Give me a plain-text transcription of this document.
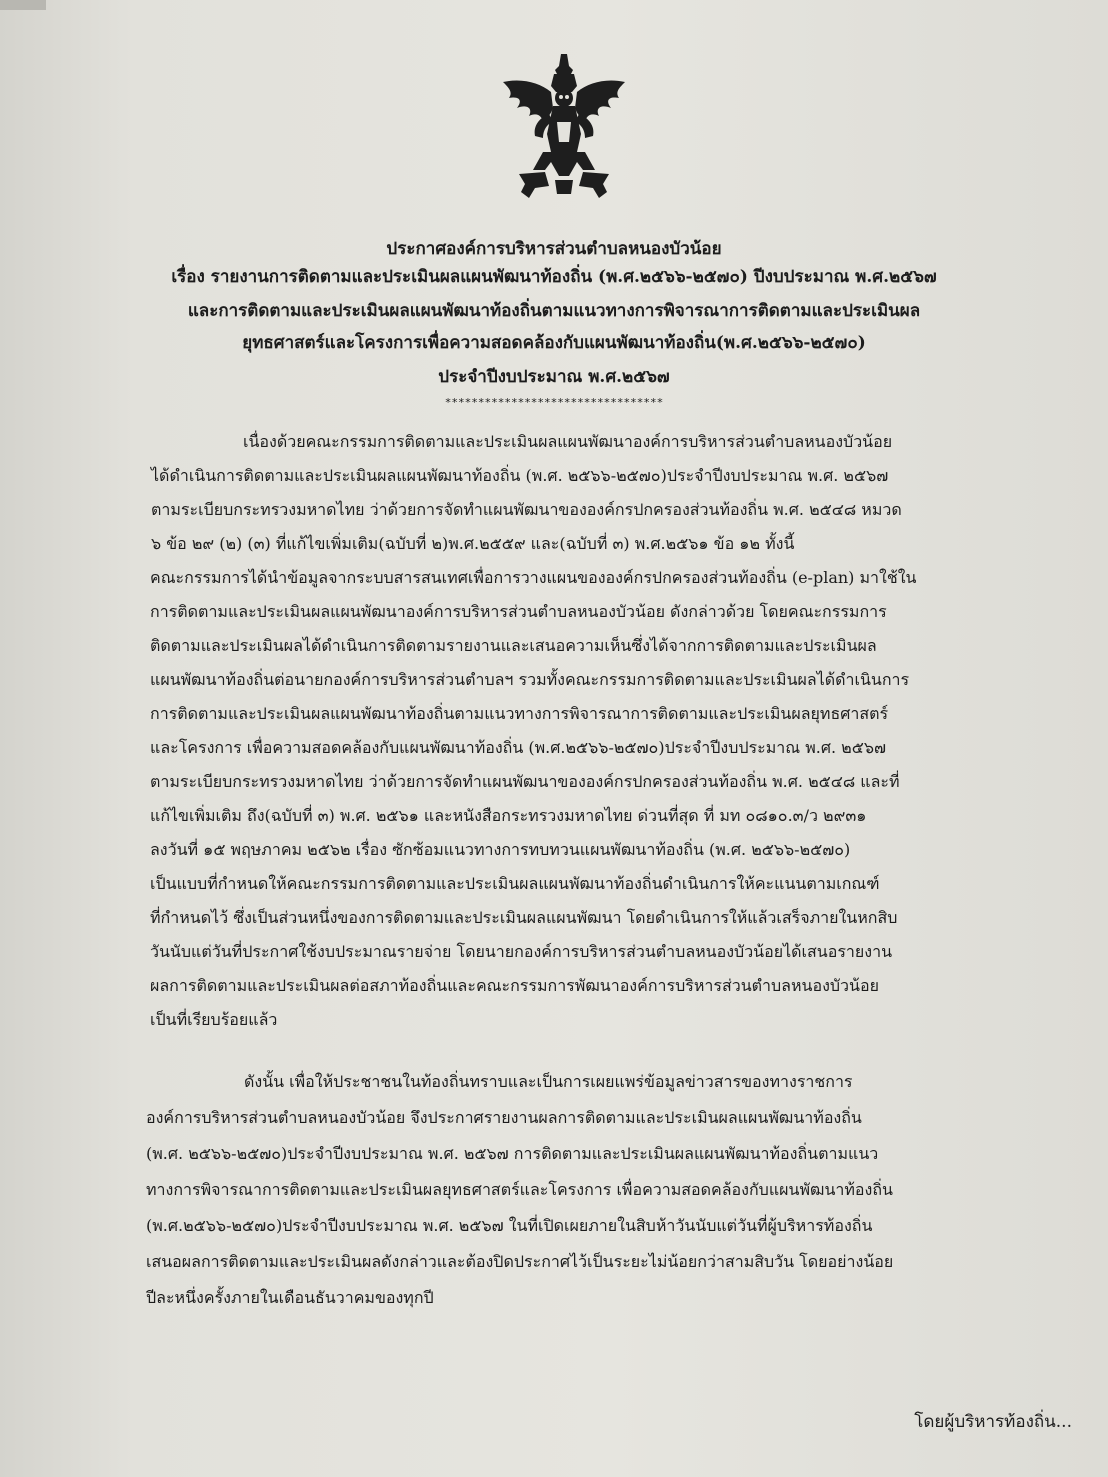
ประกาศองค์การบริหารส่วนตำบลหนองบัวน้อย
เรื่อง รายงานการติดตามและประเมินผลแผนพัฒนาท้องถิ่น (พ.ศ.๒๕๖๖-๒๕๗๐) ปีงบประมาณ พ.ศ.๒๕๖๗
และการติดตามและประเมินผลแผนพัฒนาท้องถิ่นตามแนวทางการพิจารณาการติดตามและประเมินผล
ยุทธศาสตร์และโครงการเพื่อความสอดคล้องกับแผนพัฒนาท้องถิ่น(พ.ศ.๒๕๖๖-๒๕๗๐)
ประจำปีงบประมาณ พ.ศ.๒๕๖๗
*********************************
เนื่องด้วยคณะกรรมการติดตามและประเมินผลแผนพัฒนาองค์การบริหารส่วนตำบลหนองบัวน้อย
ได้ดำเนินการติดตามและประเมินผลแผนพัฒนาท้องถิ่น (พ.ศ. ๒๕๖๖-๒๕๗๐)ประจำปีงบประมาณ พ.ศ. ๒๕๖๗
ตามระเบียบกระทรวงมหาดไทย ว่าด้วยการจัดทำแผนพัฒนาขององค์กรปกครองส่วนท้องถิ่น พ.ศ. ๒๕๔๘ หมวด
๖ ข้อ ๒๙ (๒) (๓) ที่แก้ไขเพิ่มเติม(ฉบับที่ ๒)พ.ศ.๒๕๕๙ และ(ฉบับที่ ๓) พ.ศ.๒๕๖๑ ข้อ ๑๒ ทั้งนี้
คณะกรรมการได้นำข้อมูลจากระบบสารสนเทศเพื่อการวางแผนขององค์กรปกครองส่วนท้องถิ่น (e-plan) มาใช้ใน
การติดตามและประเมินผลแผนพัฒนาองค์การบริหารส่วนตำบลหนองบัวน้อย ดังกล่าวด้วย โดยคณะกรรมการ
ติดตามและประเมินผลได้ดำเนินการติดตามรายงานและเสนอความเห็นซึ่งได้จากการติดตามและประเมินผล
แผนพัฒนาท้องถิ่นต่อนายกองค์การบริหารส่วนตำบลฯ รวมทั้งคณะกรรมการติดตามและประเมินผลได้ดำเนินการ
การติดตามและประเมินผลแผนพัฒนาท้องถิ่นตามแนวทางการพิจารณาการติดตามและประเมินผลยุทธศาสตร์
และโครงการ เพื่อความสอดคล้องกับแผนพัฒนาท้องถิ่น (พ.ศ.๒๕๖๖-๒๕๗๐)ประจำปีงบประมาณ พ.ศ. ๒๕๖๗
ตามระเบียบกระทรวงมหาดไทย ว่าด้วยการจัดทำแผนพัฒนาขององค์กรปกครองส่วนท้องถิ่น พ.ศ. ๒๕๔๘ และที่
แก้ไขเพิ่มเติม ถึง(ฉบับที่ ๓) พ.ศ. ๒๕๖๑ และหนังสือกระทรวงมหาดไทย ด่วนที่สุด ที่ มท ๐๘๑๐.๓/ว ๒๙๓๑
ลงวันที่ ๑๕ พฤษภาคม ๒๕๖๒ เรื่อง ซักซ้อมแนวทางการทบทวนแผนพัฒนาท้องถิ่น (พ.ศ. ๒๕๖๖-๒๕๗๐)
เป็นแบบที่กำหนดให้คณะกรรมการติดตามและประเมินผลแผนพัฒนาท้องถิ่นดำเนินการให้คะแนนตามเกณฑ์
ที่กำหนดไว้ ซึ่งเป็นส่วนหนึ่งของการติดตามและประเมินผลแผนพัฒนา โดยดำเนินการให้แล้วเสร็จภายในหกสิบ
วันนับแต่วันที่ประกาศใช้งบประมาณรายจ่าย โดยนายกองค์การบริหารส่วนตำบลหนองบัวน้อยได้เสนอรายงาน
ผลการติดตามและประเมินผลต่อสภาท้องถิ่นและคณะกรรมการพัฒนาองค์การบริหารส่วนตำบลหนองบัวน้อย
เป็นที่เรียบร้อยแล้ว
ดังนั้น เพื่อให้ประชาชนในท้องถิ่นทราบและเป็นการเผยแพร่ข้อมูลข่าวสารของทางราชการ
องค์การบริหารส่วนตำบลหนองบัวน้อย จึงประกาศรายงานผลการติดตามและประเมินผลแผนพัฒนาท้องถิ่น
(พ.ศ. ๒๕๖๖-๒๕๗๐)ประจำปีงบประมาณ พ.ศ. ๒๕๖๗ การติดตามและประเมินผลแผนพัฒนาท้องถิ่นตามแนว
ทางการพิจารณาการติดตามและประเมินผลยุทธศาสตร์และโครงการ เพื่อความสอดคล้องกับแผนพัฒนาท้องถิ่น
(พ.ศ.๒๕๖๖-๒๕๗๐)ประจำปีงบประมาณ พ.ศ. ๒๕๖๗ ในที่เปิดเผยภายในสิบห้าวันนับแต่วันที่ผู้บริหารท้องถิ่น
เสนอผลการติดตามและประเมินผลดังกล่าวและต้องปิดประกาศไว้เป็นระยะไม่น้อยกว่าสามสิบวัน โดยอย่างน้อย
ปีละหนึ่งครั้งภายในเดือนธันวาคมของทุกปี
โดยผู้บริหารท้องถิ่น...
